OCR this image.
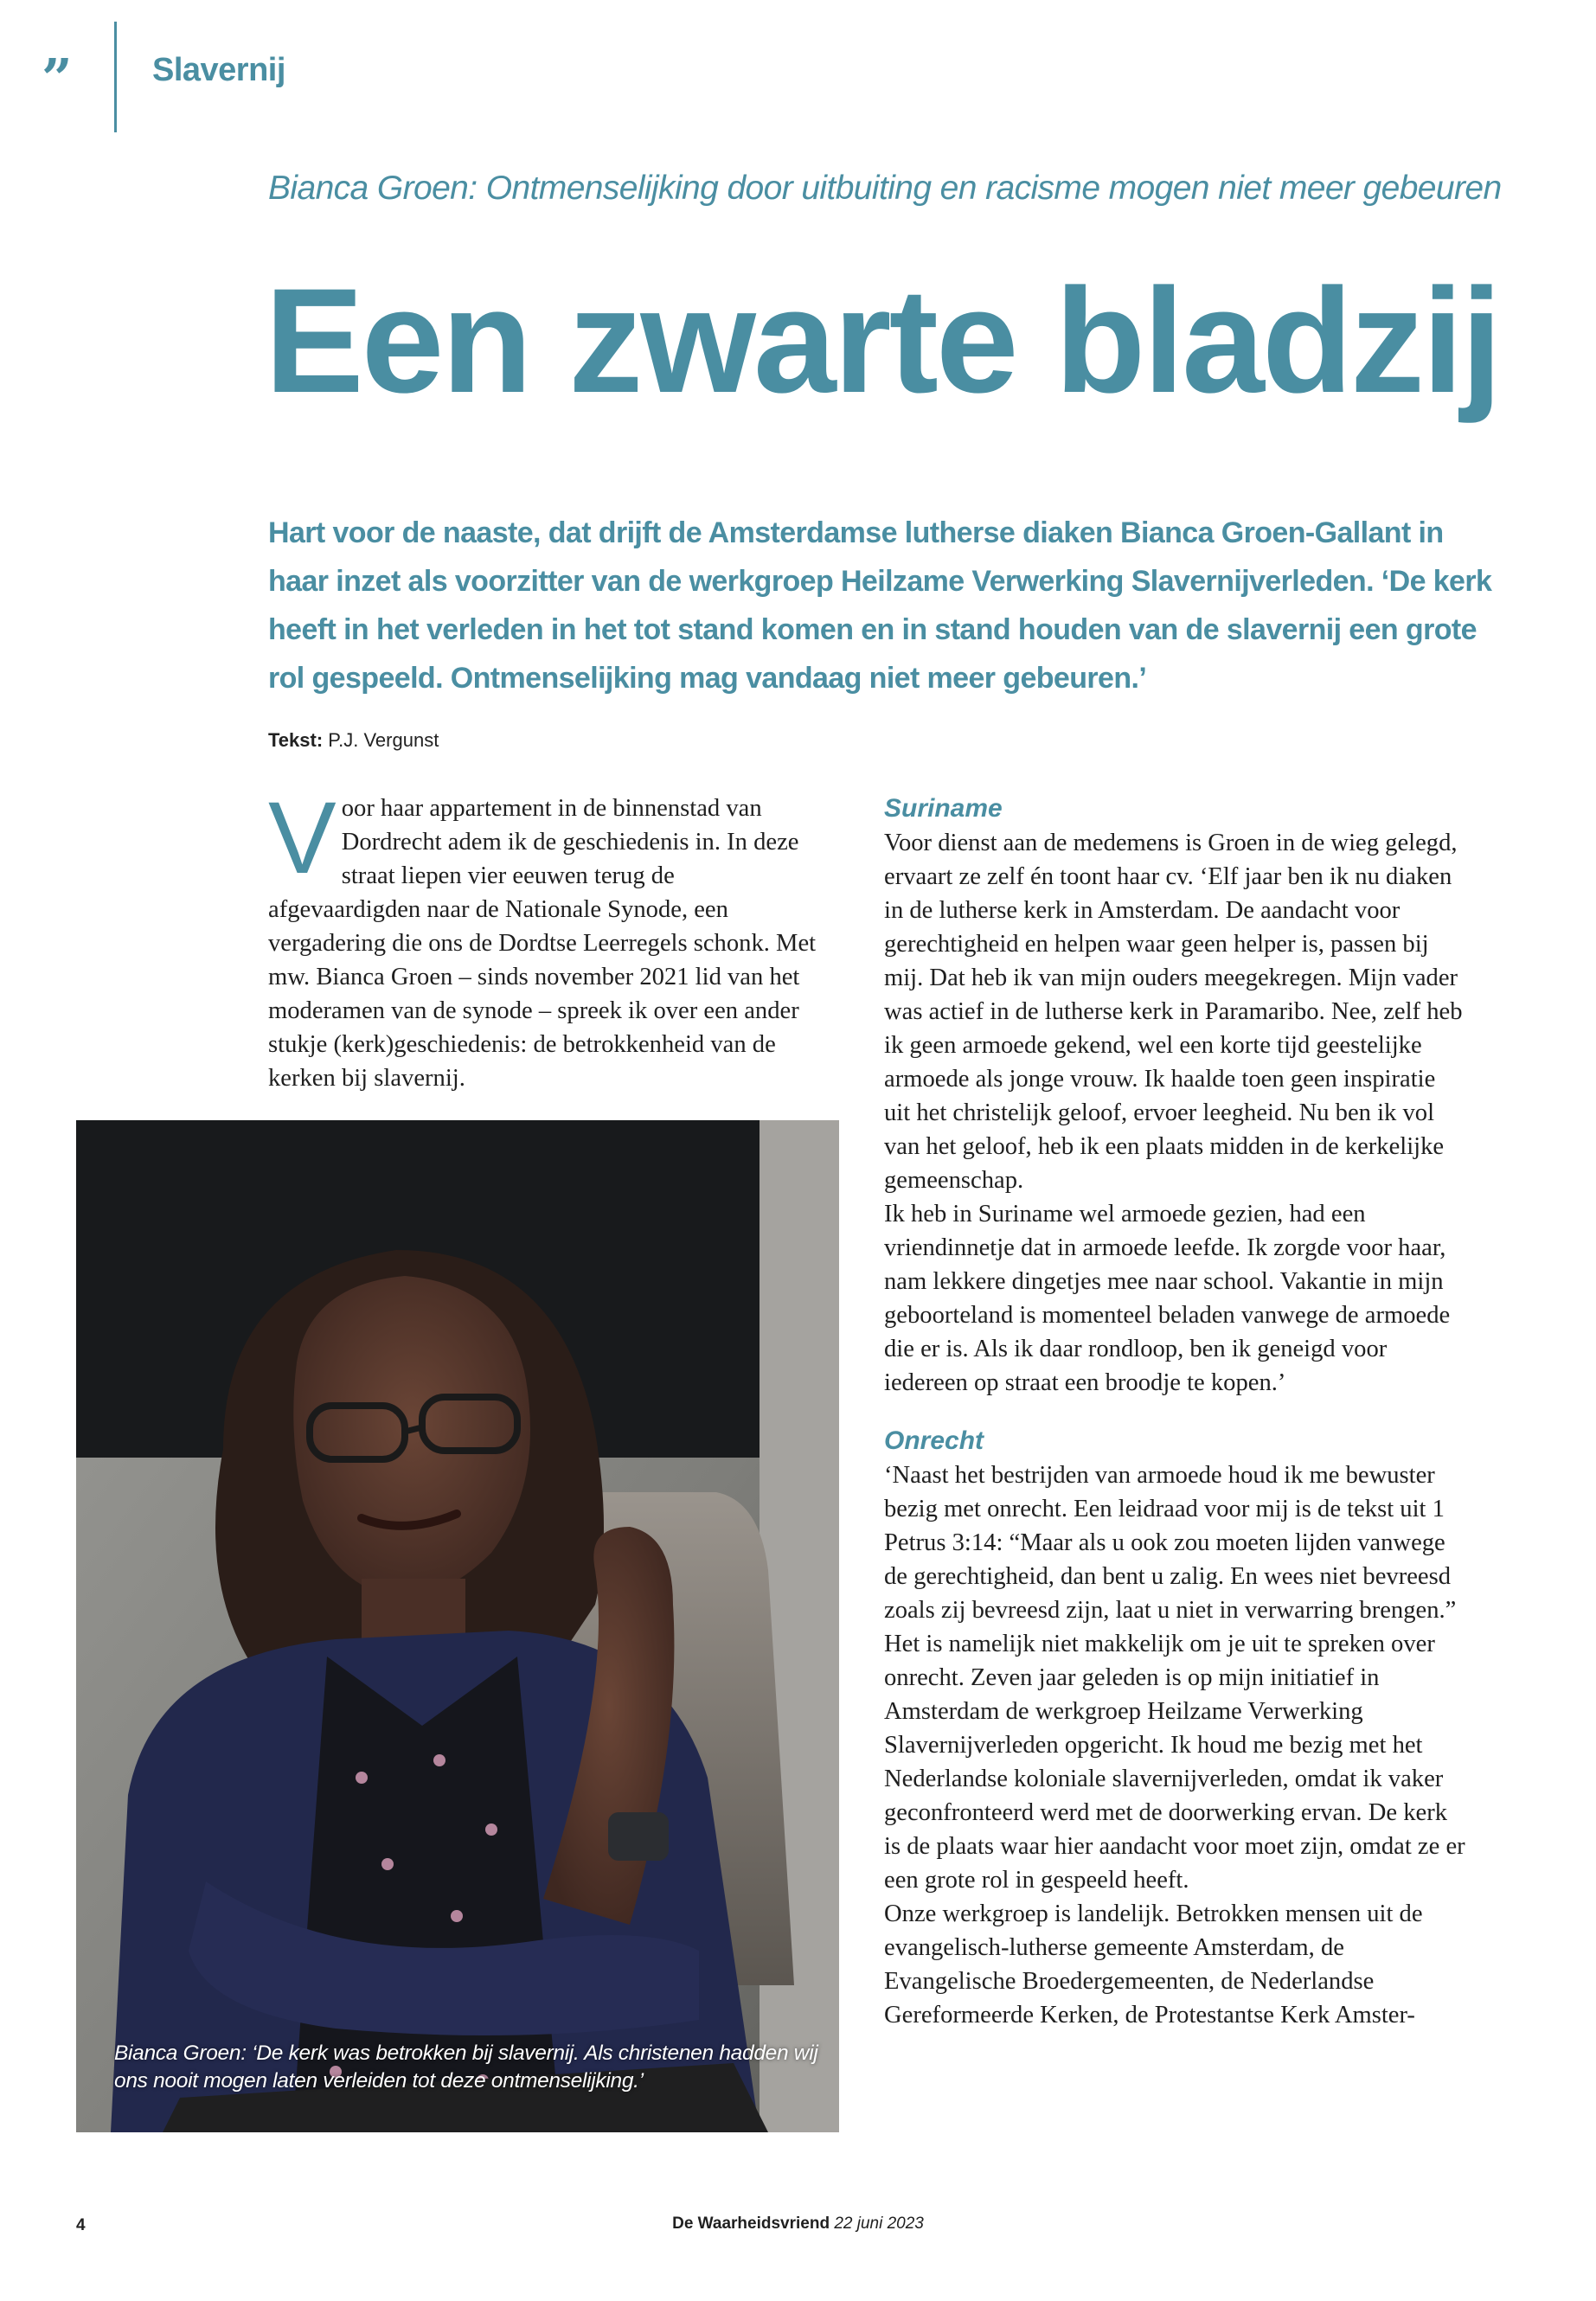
” Slavernij
Bianca Groen: Ontmenselijking door uitbuiting en racisme mogen niet meer gebeuren
Een zwarte bladzij
Hart voor de naaste, dat drijft de Amsterdamse lutherse diaken Bianca Groen-Gallant in haar inzet als voorzitter van de werkgroep Heilzame Verwerking Slavernijverleden. ‘De kerk heeft in het verleden in het tot stand komen en in stand houden van de slavernij een grote rol gespeeld. Ontmenselijking mag vandaag niet meer gebeuren.’
Tekst: P.J. Vergunst

Voor haar appartement in de binnenstad van Dordrecht adem ik de geschiedenis in. In deze straat liepen vier eeuwen terug de afgevaardigden naar de Nationale Synode, een vergadering die ons de Dordtse Leerregels schonk. Met mw. Bianca Groen – sinds november 2021 lid van het moderamen van de synode – spreek ik over een ander stukje (kerk)geschiedenis: de betrokkenheid van de kerken bij slavernij.

Bianca Groen: ‘De kerk was betrokken bij slavernij. Als christenen hadden wij ons nooit mogen laten verleiden tot deze ontmenselijking.’
Suriname

Voor dienst aan de medemens is Groen in de wieg gelegd, ervaart ze zelf én toont haar cv. ‘Elf jaar ben ik nu diaken in de lutherse kerk in Amsterdam. De aandacht voor gerechtigheid en helpen waar geen helper is, passen bij mij. Dat heb ik van mijn ouders meegekregen. Mijn vader was actief in de lutherse kerk in Paramaribo. Nee, zelf heb ik geen armoede gekend, wel een korte tijd geestelijke armoede als jonge vrouw. Ik haalde toen geen inspiratie uit het christelijk geloof, ervoer leegheid. Nu ben ik vol van het geloof, heb ik een plaats midden in de kerkelijke gemeenschap.

Ik heb in Suriname wel armoede gezien, had een vriendinnetje dat in armoede leefde. Ik zorgde voor haar, nam lekkere dingetjes mee naar school. Vakantie in mijn geboorteland is momenteel beladen vanwege de armoede die er is. Als ik daar rondloop, ben ik geneigd voor iedereen op straat een broodje te kopen.’

Onrecht

‘Naast het bestrijden van armoede houd ik me bewuster bezig met onrecht. Een leidraad voor mij is de tekst uit 1 Petrus 3:14: “Maar als u ook zou moeten lijden vanwege de gerechtigheid, dan bent u zalig. En wees niet bevreesd zoals zij bevreesd zijn, laat u niet in verwarring brengen.” Het is namelijk niet makkelijk om je uit te spreken over onrecht. Zeven jaar geleden is op mijn initiatief in Amsterdam de werkgroep Heilzame Verwerking Slavernijverleden opgericht. Ik houd me bezig met het Nederlandse koloniale slavernijverleden, omdat ik vaker geconfronteerd werd met de doorwerking ervan. De kerk is de plaats waar hier aandacht voor moet zijn, omdat ze er een grote rol in gespeeld heeft.

Onze werkgroep is landelijk. Betrokken mensen uit de evangelisch-lutherse gemeente Amsterdam, de Evangelische Broedergemeenten, de Nederlandse Gereformeerde Kerken, de Protestantse Kerk Amster-

4	De Waarheidsvriend 22 juni 2023
